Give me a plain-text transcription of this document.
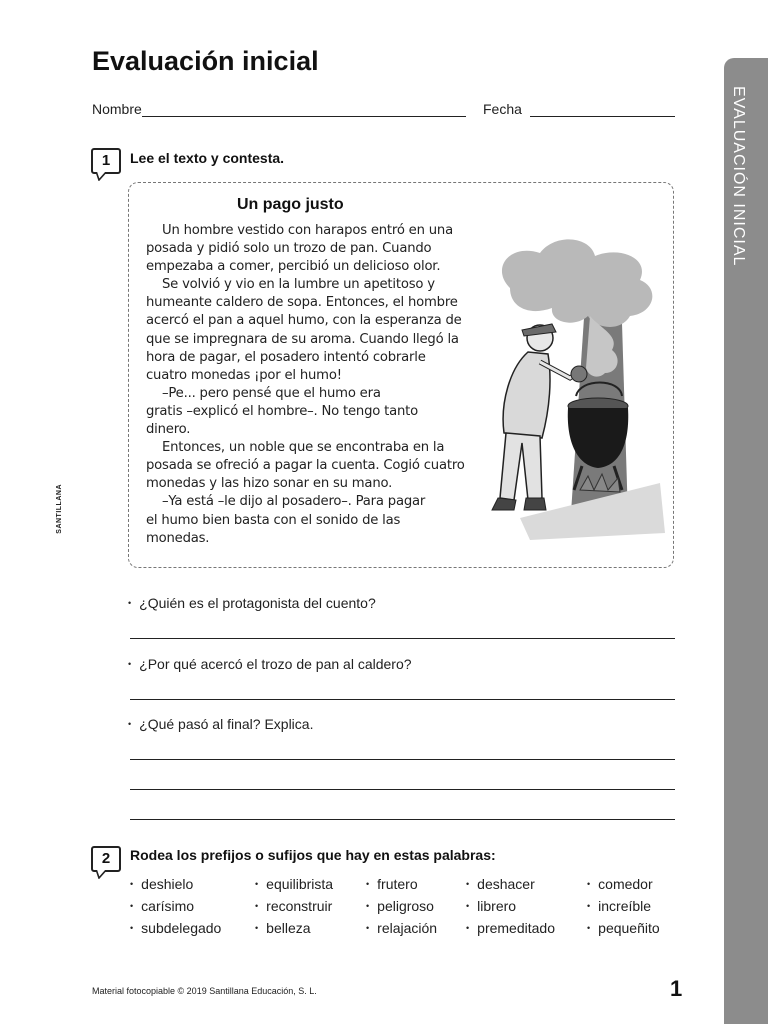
EVALUACIÓN INICIAL
SANTILLANA
Evaluación inicial
Nombre	Fecha
1	Lee el texto y contesta.
Un pago justo
Un hombre vestido con harapos entró en una
posada y pidió solo un trozo de pan. Cuando
empezaba a comer, percibió un delicioso olor.
Se volvió y vio en la lumbre un apetitoso y
humeante caldero de sopa. Entonces, el hombre
acercó el pan a aquel humo, con la esperanza de
que se impregnara de su aroma. Cuando llegó la
hora de pagar, el posadero intentó cobrarle
cuatro monedas ¡por el humo!
–Pe... pero pensé que el humo era
gratis –explicó el hombre–. No tengo tanto
dinero.
Entonces, un noble que se encontraba en la
posada se ofreció a pagar la cuenta. Cogió cuatro
monedas y las hizo sonar en su mano.
–Ya está –le dijo al posadero–. Para pagar
el humo bien basta con el sonido de las
monedas.
• ¿Quién es el protagonista del cuento?
• ¿Por qué acercó el trozo de pan al caldero?
• ¿Qué pasó al final? Explica.
2	Rodea los prefijos o sufijos que hay en estas palabras:
• deshielo	• equilibrista	• frutero	• deshacer	• comedor
• carísimo	• reconstruir	• peligroso	• librero	• increíble
• subdelegado	• belleza	• relajación	• premeditado	• pequeñito
Material fotocopiable © 2019 Santillana Educación, S. L.	1
